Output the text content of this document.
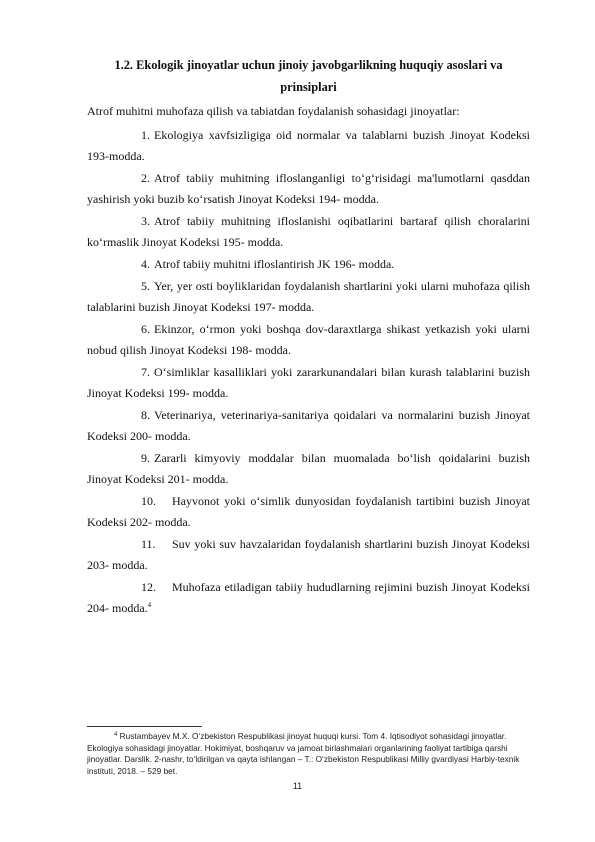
1.2. Ekologik jinoyatlar uchun jinoiy javobgarlikning huquqiy asoslari va
prinsiplari
Atrof muhitni muhofaza qilish va tabiatdan foydalanish sohasidagi jinoyatlar:
1. Ekologiya xavfsizligiga oid normalar va talablarni buzish Jinoyat Kodeksi 193-modda.
2. Atrof tabiiy muhitning ifloslanganligi to‘g‘risidagi ma'lumotlarni qasddan yashirish yoki buzib ko‘rsatish Jinoyat Kodeksi 194- modda.
3. Atrof tabiiy muhitning ifloslanishi oqibatlarini bartaraf qilish choralarini ko‘rmaslik Jinoyat Kodeksi 195- modda.
4. Atrof tabiiy muhitni ifloslantirish JK 196- modda.
5. Yer, yer osti boyliklaridan foydalanish shartlarini yoki ularni muhofaza qilish talablarini buzish Jinoyat Kodeksi 197- modda.
6. Ekinzor, o‘rmon yoki boshqa dov-daraxtlarga shikast yetkazish yoki ularni nobud qilish Jinoyat Kodeksi 198- modda.
7. O‘simliklar kasalliklari yoki zararkunandalari bilan kurash talablarini buzish Jinoyat Kodeksi 199- modda.
8. Veterinariya, veterinariya-sanitariya qoidalari va normalarini buzish Jinoyat Kodeksi 200- modda.
9. Zararli kimyoviy moddalar bilan muomalada bo‘lish qoidalarini buzish Jinoyat Kodeksi 201- modda.
10. Hayvonot yoki o‘simlik dunyosidan foydalanish tartibini buzish Jinoyat Kodeksi 202- modda.
11. Suv yoki suv havzalaridan foydalanish shartlarini buzish Jinoyat Kodeksi 203- modda.
12. Muhofaza etiladigan tabiiy hududlarning rejimini buzish Jinoyat Kodeksi 204- modda.$^4$
$^4$ Rustambayev M.X. O‘zbekiston Respublikasi jinoyat huquqi kursi. Tom 4. Iqtisodiyot sohasidagi jinoyatlar. Ekologiya sohasidagi jinoyatlar. Hokimiyat, boshqaruv va jamoat birlashmalari organlarining faoliyat tartibiga qarshi jinoyatlar. Darslik. 2-nashr, to‘ldirilgan va qayta ishlangan – T.: O‘zbekiston Respublikasi Milliy gvardiyasi Harbiy-texnik instituti, 2018. – 529 bet.
11
